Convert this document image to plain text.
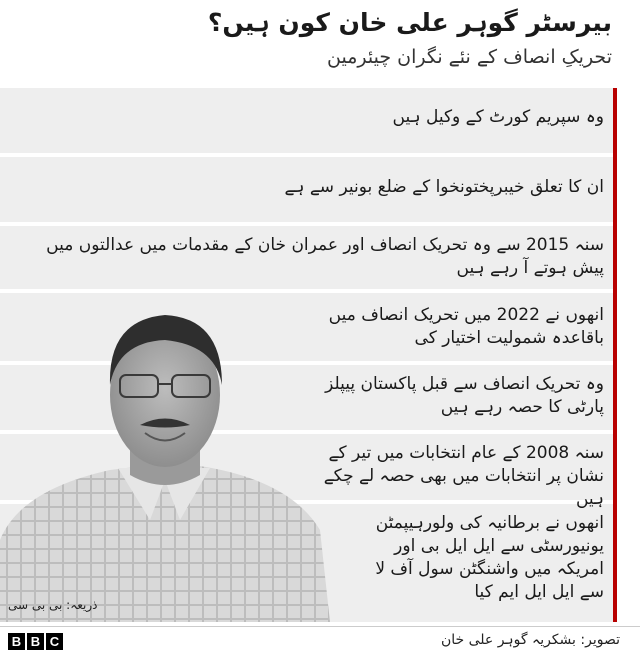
بیرسٹر گوہر علی خان کون ہیں؟
تحریکِ انصاف کے نئے نگران چیئرمین
ذریعہ: بی بی سی
B B C	تصویر: بشکریہ گوہر علی خان
وہ سپریم کورٹ کے وکیل ہیں
ان کا تعلق خیبرپختونخوا کے ضلع بونیر سے ہے
سنہ 2015 سے وہ تحریک انصاف اور عمران خان کے مقدمات میں عدالتوں میں پیش ہوتے آ رہے ہیں
انھوں نے 2022 میں تحریک انصاف میں باقاعدہ شمولیت اختیار کی
وہ تحریک انصاف سے قبل پاکستان پیپلز پارٹی کا حصہ رہے ہیں
سنہ 2008 کے عام انتخابات میں تیر کے نشان پر انتخابات میں بھی حصہ لے چکے ہیں
انھوں نے برطانیہ کی ولورہیپمٹن یونیورسٹی سے ایل ایل بی اور امریکہ میں واشنگٹن سول آف لا سے ایل ایل ایم کیا
